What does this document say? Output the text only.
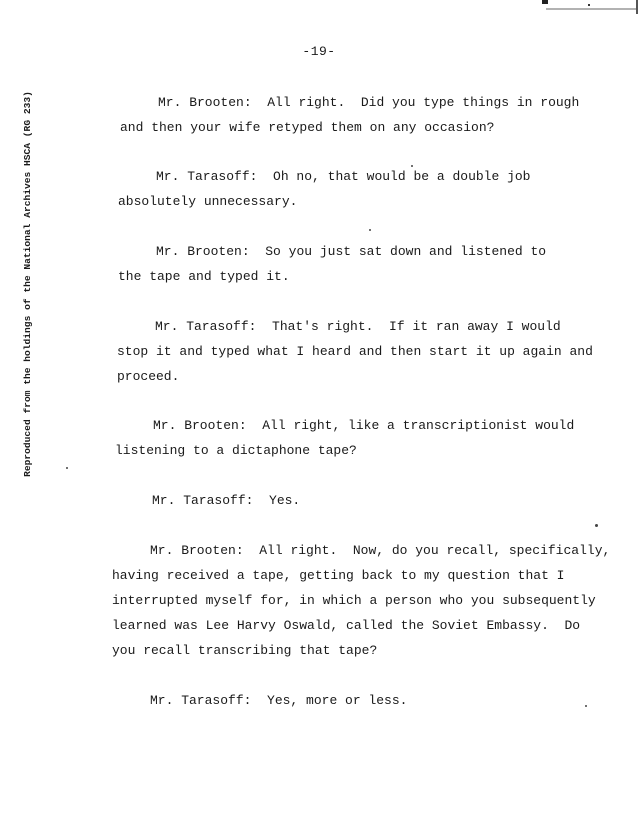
Reproduced from the holdings of the National Archives HSCA (RG 233)
-19-
Mr. Brooten: All right.  Did you type things in rough
and then your wife retyped them on any occasion?
Mr. Tarasoff: Oh no, that would be a double job
absolutely unnecessary.
Mr. Brooten: So you just sat down and listened to
the tape and typed it.
Mr. Tarasoff: That's right.  If it ran away I would
stop it and typed what I heard and then start it up again and
proceed.
Mr. Brooten: All right, like a transcriptionist would
listening to a dictaphone tape?
Mr. Tarasoff: Yes.
Mr. Brooten: All right.  Now, do you recall, specifically,
having received a tape, getting back to my question that I
interrupted myself for, in which a person who you subsequently
learned was Lee Harvy Oswald, called the Soviet Embassy.  Do
you recall transcribing that tape?
Mr. Tarasoff: Yes, more or less.
